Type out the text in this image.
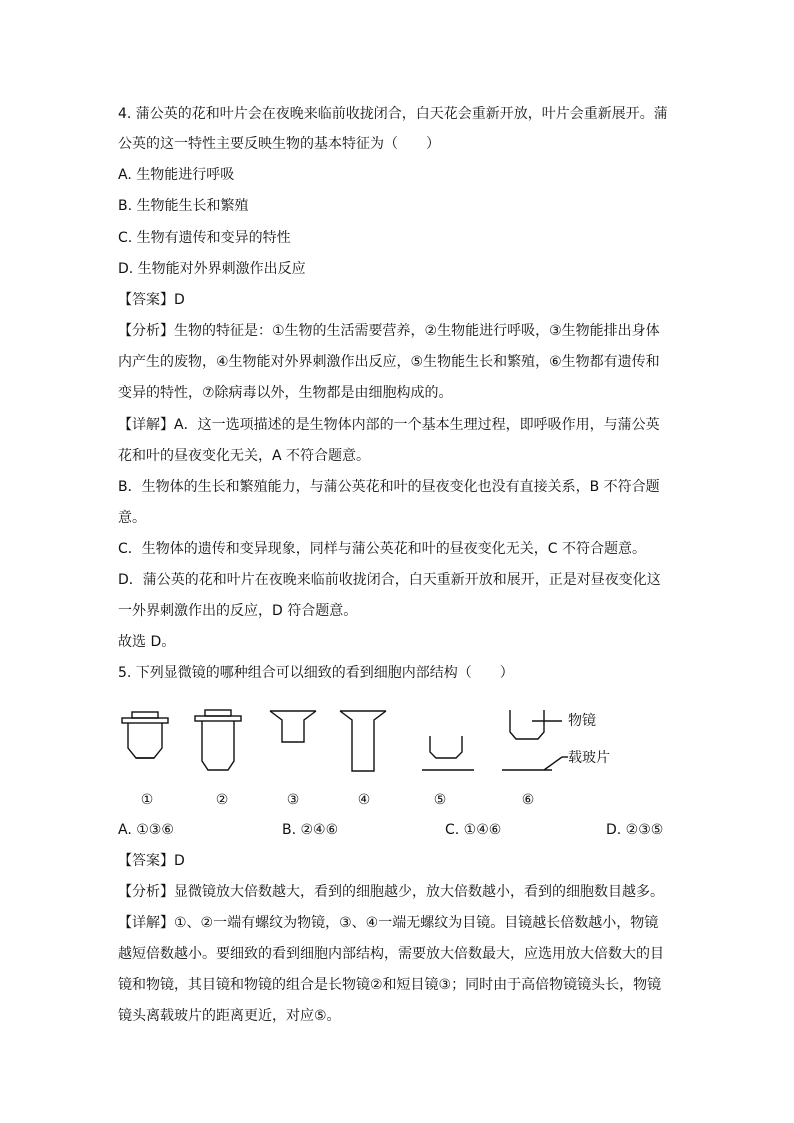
4. 蒲公英的花和叶片会在夜晚来临前收拢闭合，白天花会重新开放，叶片会重新展开。蒲
公英的这一特性主要反映生物的基本特征为（　　）
A. 生物能进行呼吸
B. 生物能生长和繁殖
C. 生物有遗传和变异的特性
D. 生物能对外界刺激作出反应
【答案】D
【分析】生物的特征是：①生物的生活需要营养，②生物能进行呼吸，③生物能排出身体
内产生的废物，④生物能对外界刺激作出反应，⑤生物能生长和繁殖，⑥生物都有遗传和
变异的特性，⑦除病毒以外，生物都是由细胞构成的。
【详解】A．这一选项描述的是生物体内部的一个基本生理过程，即呼吸作用，与蒲公英
花和叶的昼夜变化无关，A 不符合题意。
B．生物体的生长和繁殖能力，与蒲公英花和叶的昼夜变化也没有直接关系，B 不符合题
意。
C．生物体的遗传和变异现象，同样与蒲公英花和叶的昼夜变化无关，C 不符合题意。
D．蒲公英的花和叶片在夜晚来临前收拢闭合，白天重新开放和展开，正是对昼夜变化这
一外界刺激作出的反应，D 符合题意。
故选 D。
5. 下列显微镜的哪种组合可以细致的看到细胞内部结构（　　）
物镜
载玻片
①	②	③	④	⑤	⑥
A. ①③⑥	B. ②④⑥	C. ①④⑥	D. ②③⑤
【答案】D
【分析】显微镜放大倍数越大，看到的细胞越少，放大倍数越小，看到的细胞数目越多。
【详解】①、②一端有螺纹为物镜，③、④一端无螺纹为目镜。目镜越长倍数越小，物镜
越短倍数越小。要细致的看到细胞内部结构，需要放大倍数最大，应选用放大倍数大的目
镜和物镜，其目镜和物镜的组合是长物镜②和短目镜③；同时由于高倍物镜镜头长，物镜
镜头离载玻片的距离更近，对应⑤。
